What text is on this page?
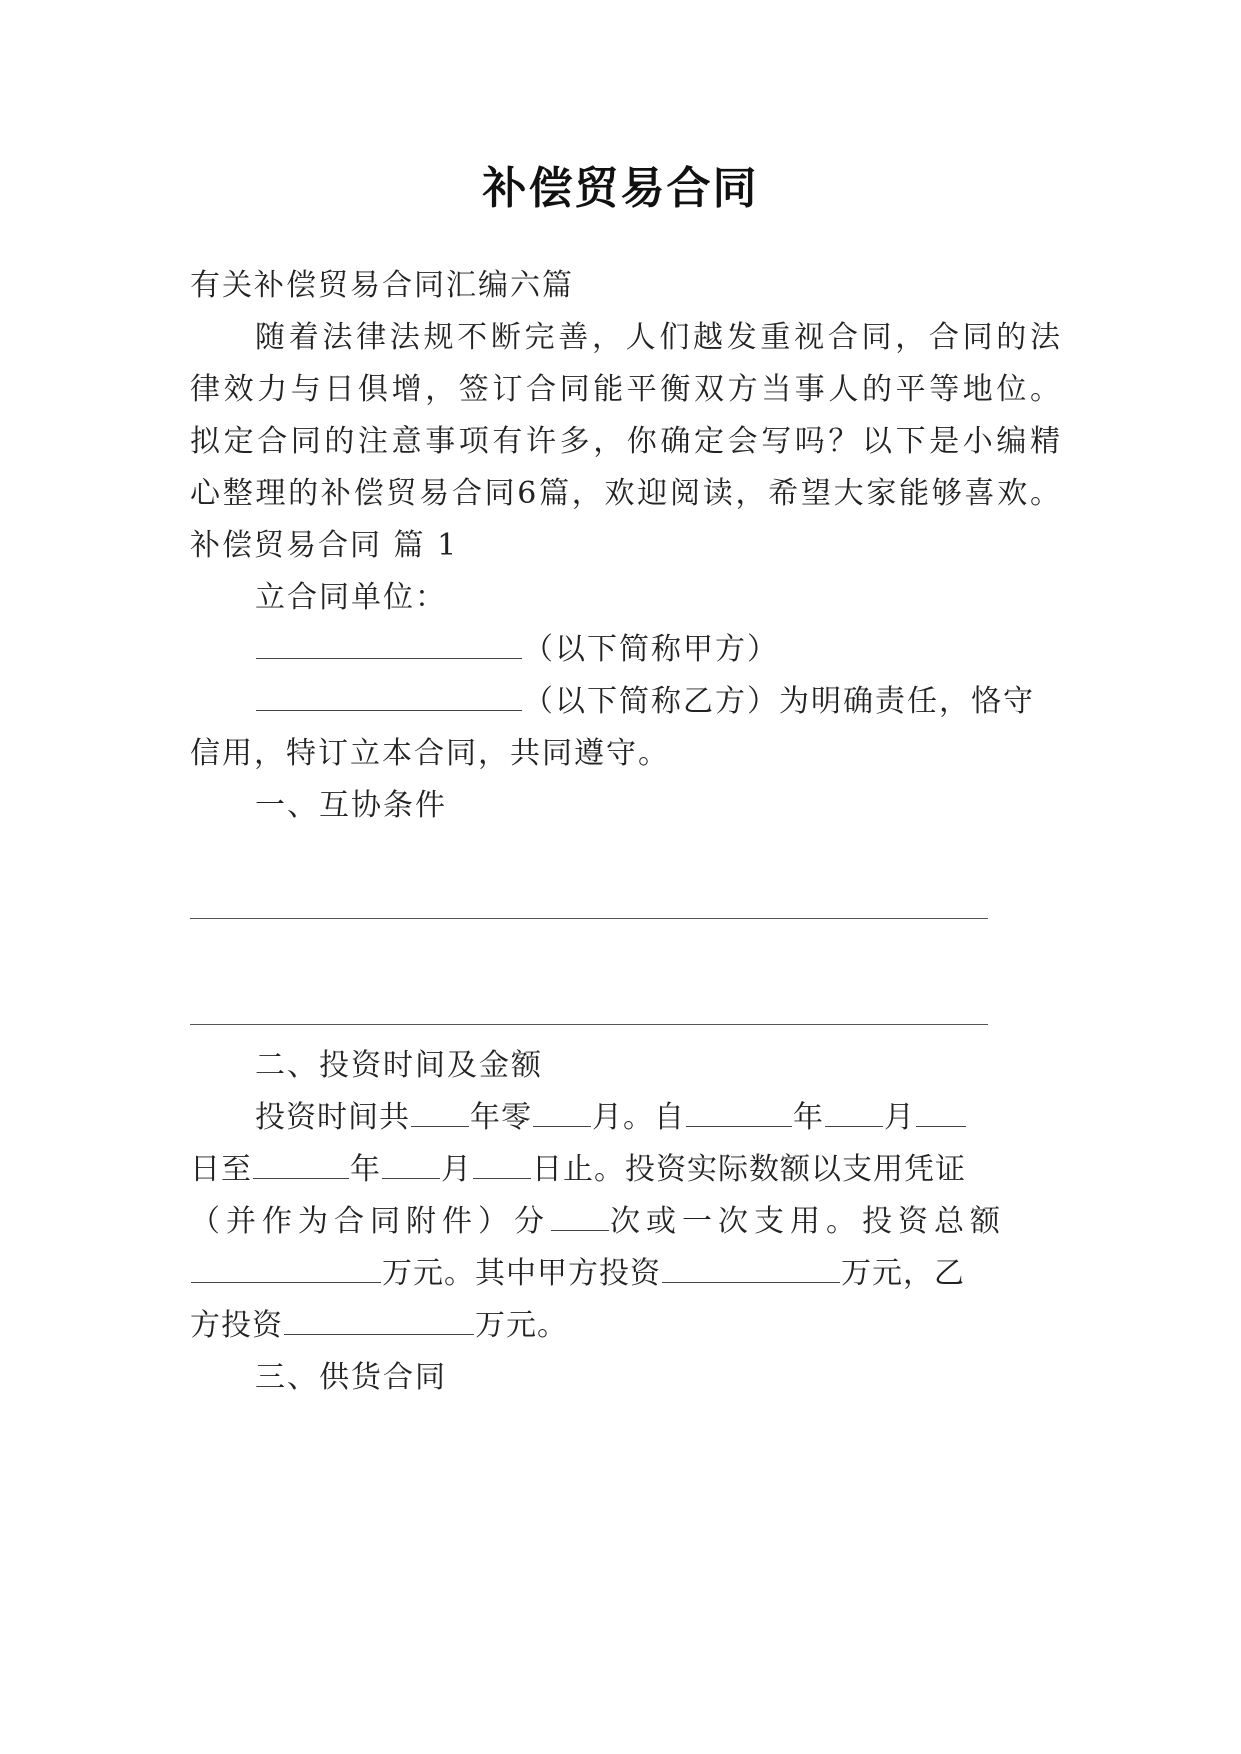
补偿贸易合同
有关补偿贸易合同汇编六篇
随着法律法规不断完善，人们越发重视合同，合同的法
律效力与日俱增，签订合同能平衡双方当事人的平等地位。
拟定合同的注意事项有许多，你确定会写吗？以下是小编精
心整理的补偿贸易合同6篇，欢迎阅读，希望大家能够喜欢。
补偿贸易合同 篇 1
立合同单位：
（以下简称甲方）
（以下简称乙方）为明确责任，恪守
信用，特订立本合同，共同遵守。
一、互协条件
二、投资时间及金额
投资时间共 年零 月。自	年 月
日至	年 月 日止。投资实际数额以支用凭证
（并作为合同附件）分 次或一次支用。投资总额
万元。其中甲方投资	万元，乙
方投资	万元。
三、供货合同
